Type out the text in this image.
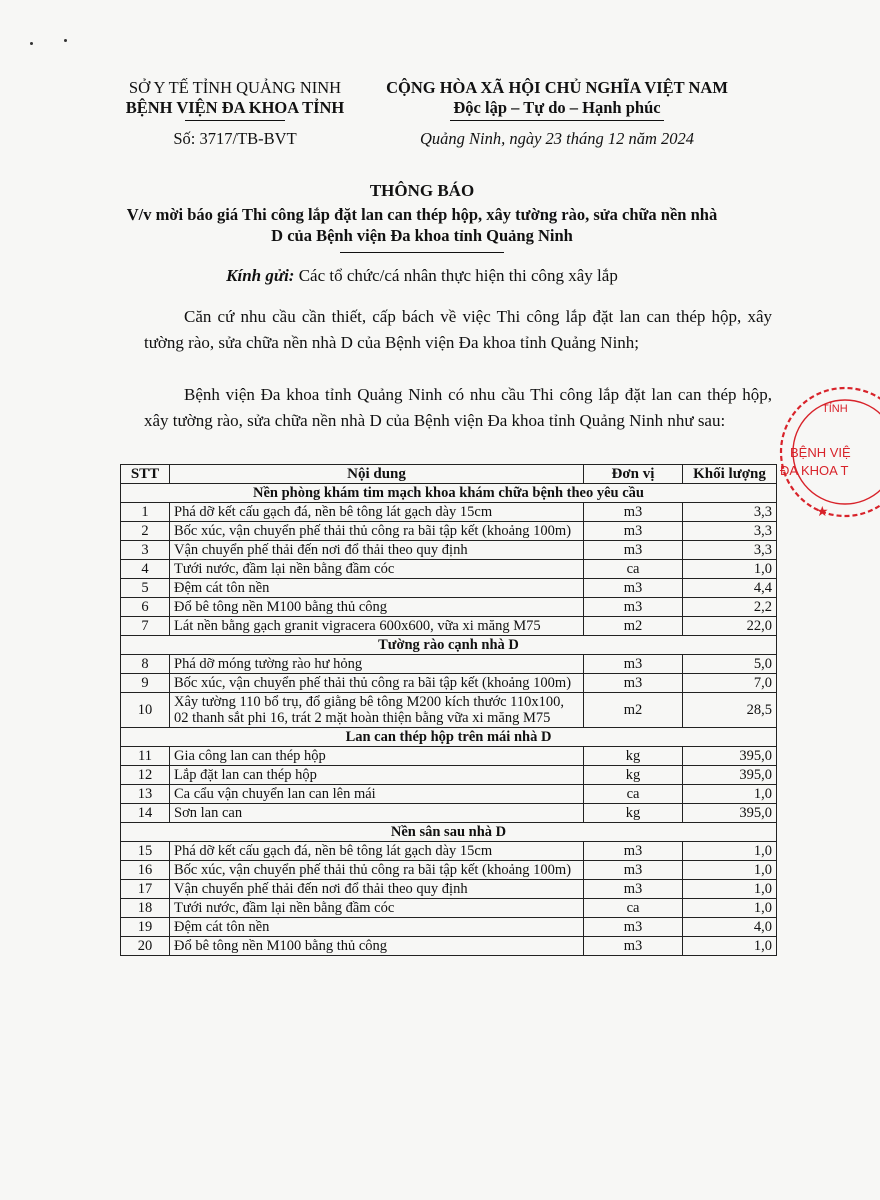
SỞ Y TẾ TỈNH QUẢNG NINH
BỆNH VIỆN ĐA KHOA TỈNH
Số: 3717/TB-BVT
CỘNG HÒA XÃ HỘI CHỦ NGHĨA VIỆT NAM
Độc lập – Tự do – Hạnh phúc
Quảng Ninh, ngày 23 tháng 12 năm 2024
THÔNG BÁO
V/v mời báo giá Thi công lắp đặt lan can thép hộp, xây tường rào, sửa chữa nền nhà D của Bệnh viện Đa khoa tỉnh Quảng Ninh
Kính gửi: Các tổ chức/cá nhân thực hiện thi công xây lắp
Căn cứ nhu cầu cần thiết, cấp bách về việc Thi công lắp đặt lan can thép hộp, xây tường rào, sửa chữa nền nhà D của Bệnh viện Đa khoa tỉnh Quảng Ninh;
Bệnh viện Đa khoa tỉnh Quảng Ninh có nhu cầu Thi công lắp đặt lan can thép hộp, xây tường rào, sửa chữa nền nhà D của Bệnh viện Đa khoa tỉnh Quảng Ninh như sau:
STT	Nội dung	Đơn vị	Khối lượng
Nền phòng khám tim mạch khoa khám chữa bệnh theo yêu cầu			
1	Phá dỡ kết cấu gạch đá, nền bê tông lát gạch dày 15cm	m3	3,3
2	Bốc xúc, vận chuyển phế thải thủ công ra bãi tập kết (khoảng 100m)	m3	3,3
3	Vận chuyển phế thải đến nơi đổ thải theo quy định	m3	3,3
4	Tưới nước, đầm lại nền bằng đầm cóc	ca	1,0
5	Đệm cát tôn nền	m3	4,4
6	Đổ bê tông nền M100 bằng thủ công	m3	2,2
7	Lát nền bằng gạch granit vigracera 600x600, vữa xi măng M75	m2	22,0
Tường rào cạnh nhà D			
8	Phá dỡ móng tường rào hư hỏng	m3	5,0
9	Bốc xúc, vận chuyển phế thải thủ công ra bãi tập kết (khoảng 100m)	m3	7,0
10	Xây tường 110 bổ trụ, đổ giằng bê tông M200 kích thước 110x100, 02 thanh sắt phi 16, trát 2 mặt hoàn thiện bằng vữa xi măng M75	m2	28,5
Lan can thép hộp trên mái nhà D			
11	Gia công lan can thép hộp	kg	395,0
12	Lắp đặt lan can thép hộp	kg	395,0
13	Ca cẩu vận chuyển lan can lên mái	ca	1,0
14	Sơn lan can	kg	395,0
Nền sân sau nhà D			
15	Phá dỡ kết cấu gạch đá, nền bê tông lát gạch dày 15cm	m3	1,0
16	Bốc xúc, vận chuyển phế thải thủ công ra bãi tập kết (khoảng 100m)	m3	1,0
17	Vận chuyển phế thải đến nơi đổ thải theo quy định	m3	1,0
18	Tưới nước, đầm lại nền bằng đầm cóc	ca	1,0
19	Đệm cát tôn nền	m3	4,0
20	Đổ bê tông nền M100 bằng thủ công	m3	1,0
TỈNH
BỆNH VIỆ
ĐA KHOA T
★
